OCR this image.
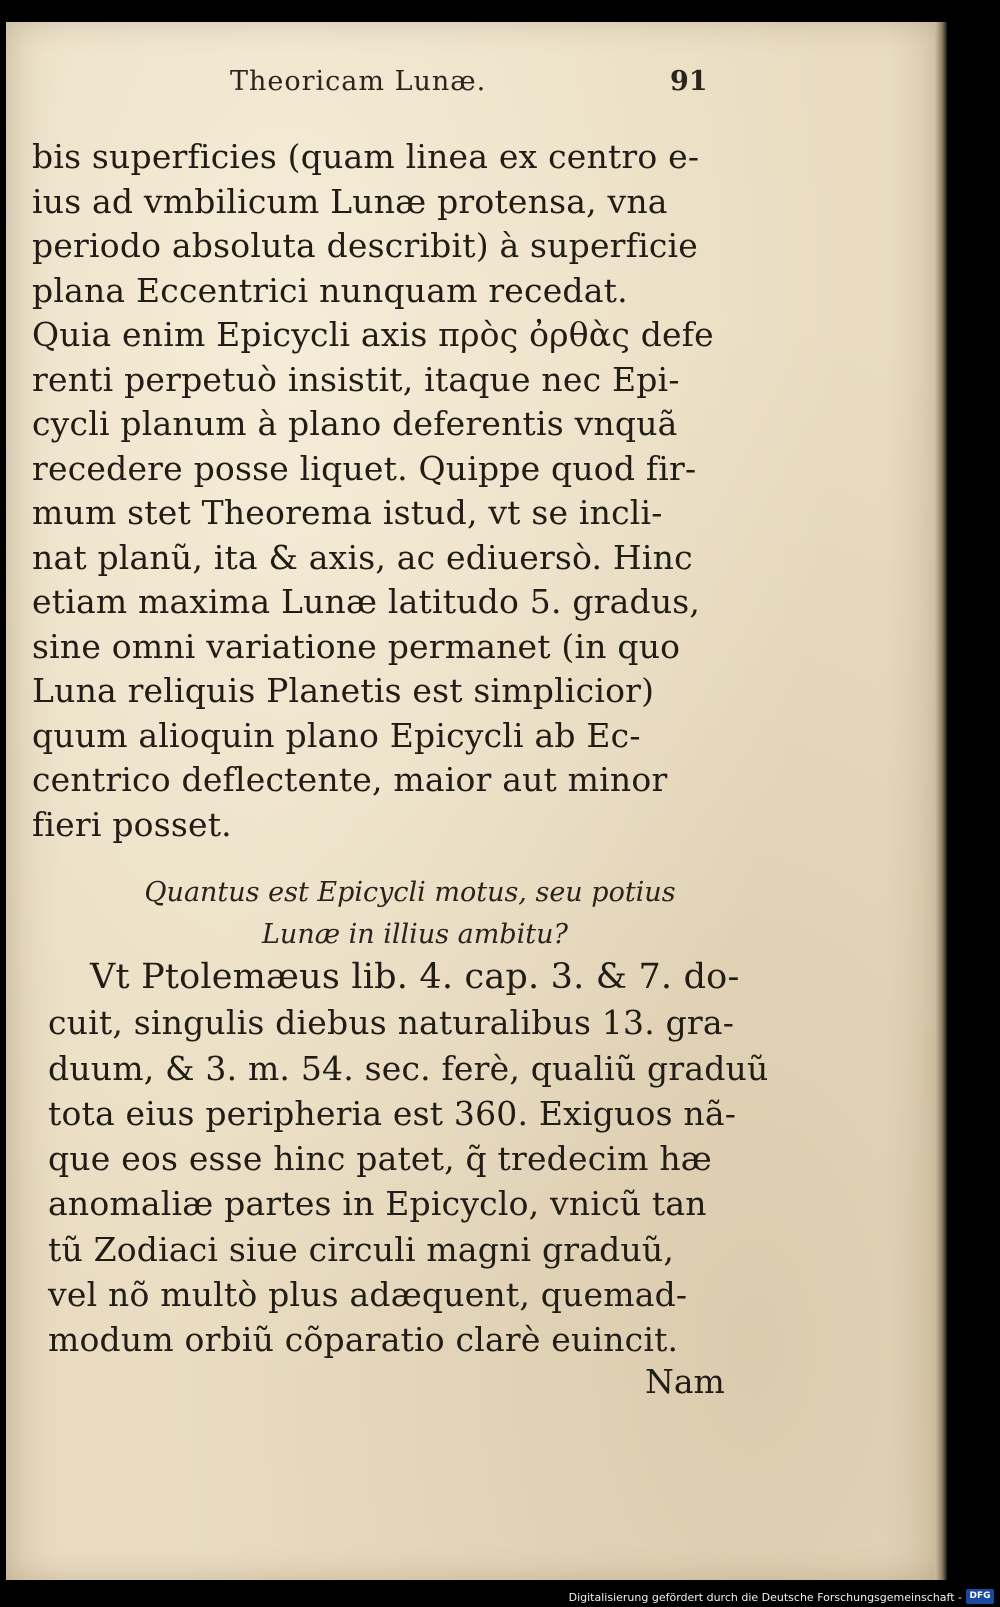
Theoricam Lunæ.	91
bis superficies (quam linea ex centro e-
ius ad vmbilicum Lunæ protensa, vna
periodo absoluta describit) à superficie
plana Eccentrici nunquam recedat.
Quia enim Epicycli axis πρὸς ὀρθὰς defe
renti perpetuò insistit, itaque nec Epi-
cycli planum à plano deferentis vnquã
recedere posse liquet. Quippe quod fir-
mum stet Theorema istud, vt se incli-
nat planũ, ita & axis, ac ediuersò. Hinc
etiam maxima Lunæ latitudo 5. gradus,
sine omni variatione permanet (in quo
Luna reliquis Planetis est simplicior)
quum alioquin plano Epicycli ab Ec-
centrico deflectente, maior aut minor
fieri posset.
Quantus est Epicycli motus, seu potius
Lunæ in illius ambitu?
Vt Ptolemæus lib. 4. cap. 3. & 7. do-
cuit, singulis diebus naturalibus 13. gra-
duum, & 3. m. 54. sec. ferè, qualiũ graduũ
tota eius peripheria est 360. Exiguos nã-
que eos esse hinc patet, q̃ tredecim hæ
anomaliæ partes in Epicyclo, vnicũ tan
tũ Zodiaci siue circuli magni graduũ,
vel nõ multò plus adæquent, quemad-
modum orbiũ cõparatio clarè euincit.
Nam
Digitalisierung gefördert durch die Deutsche Forschungsgemeinschaft - DFG
